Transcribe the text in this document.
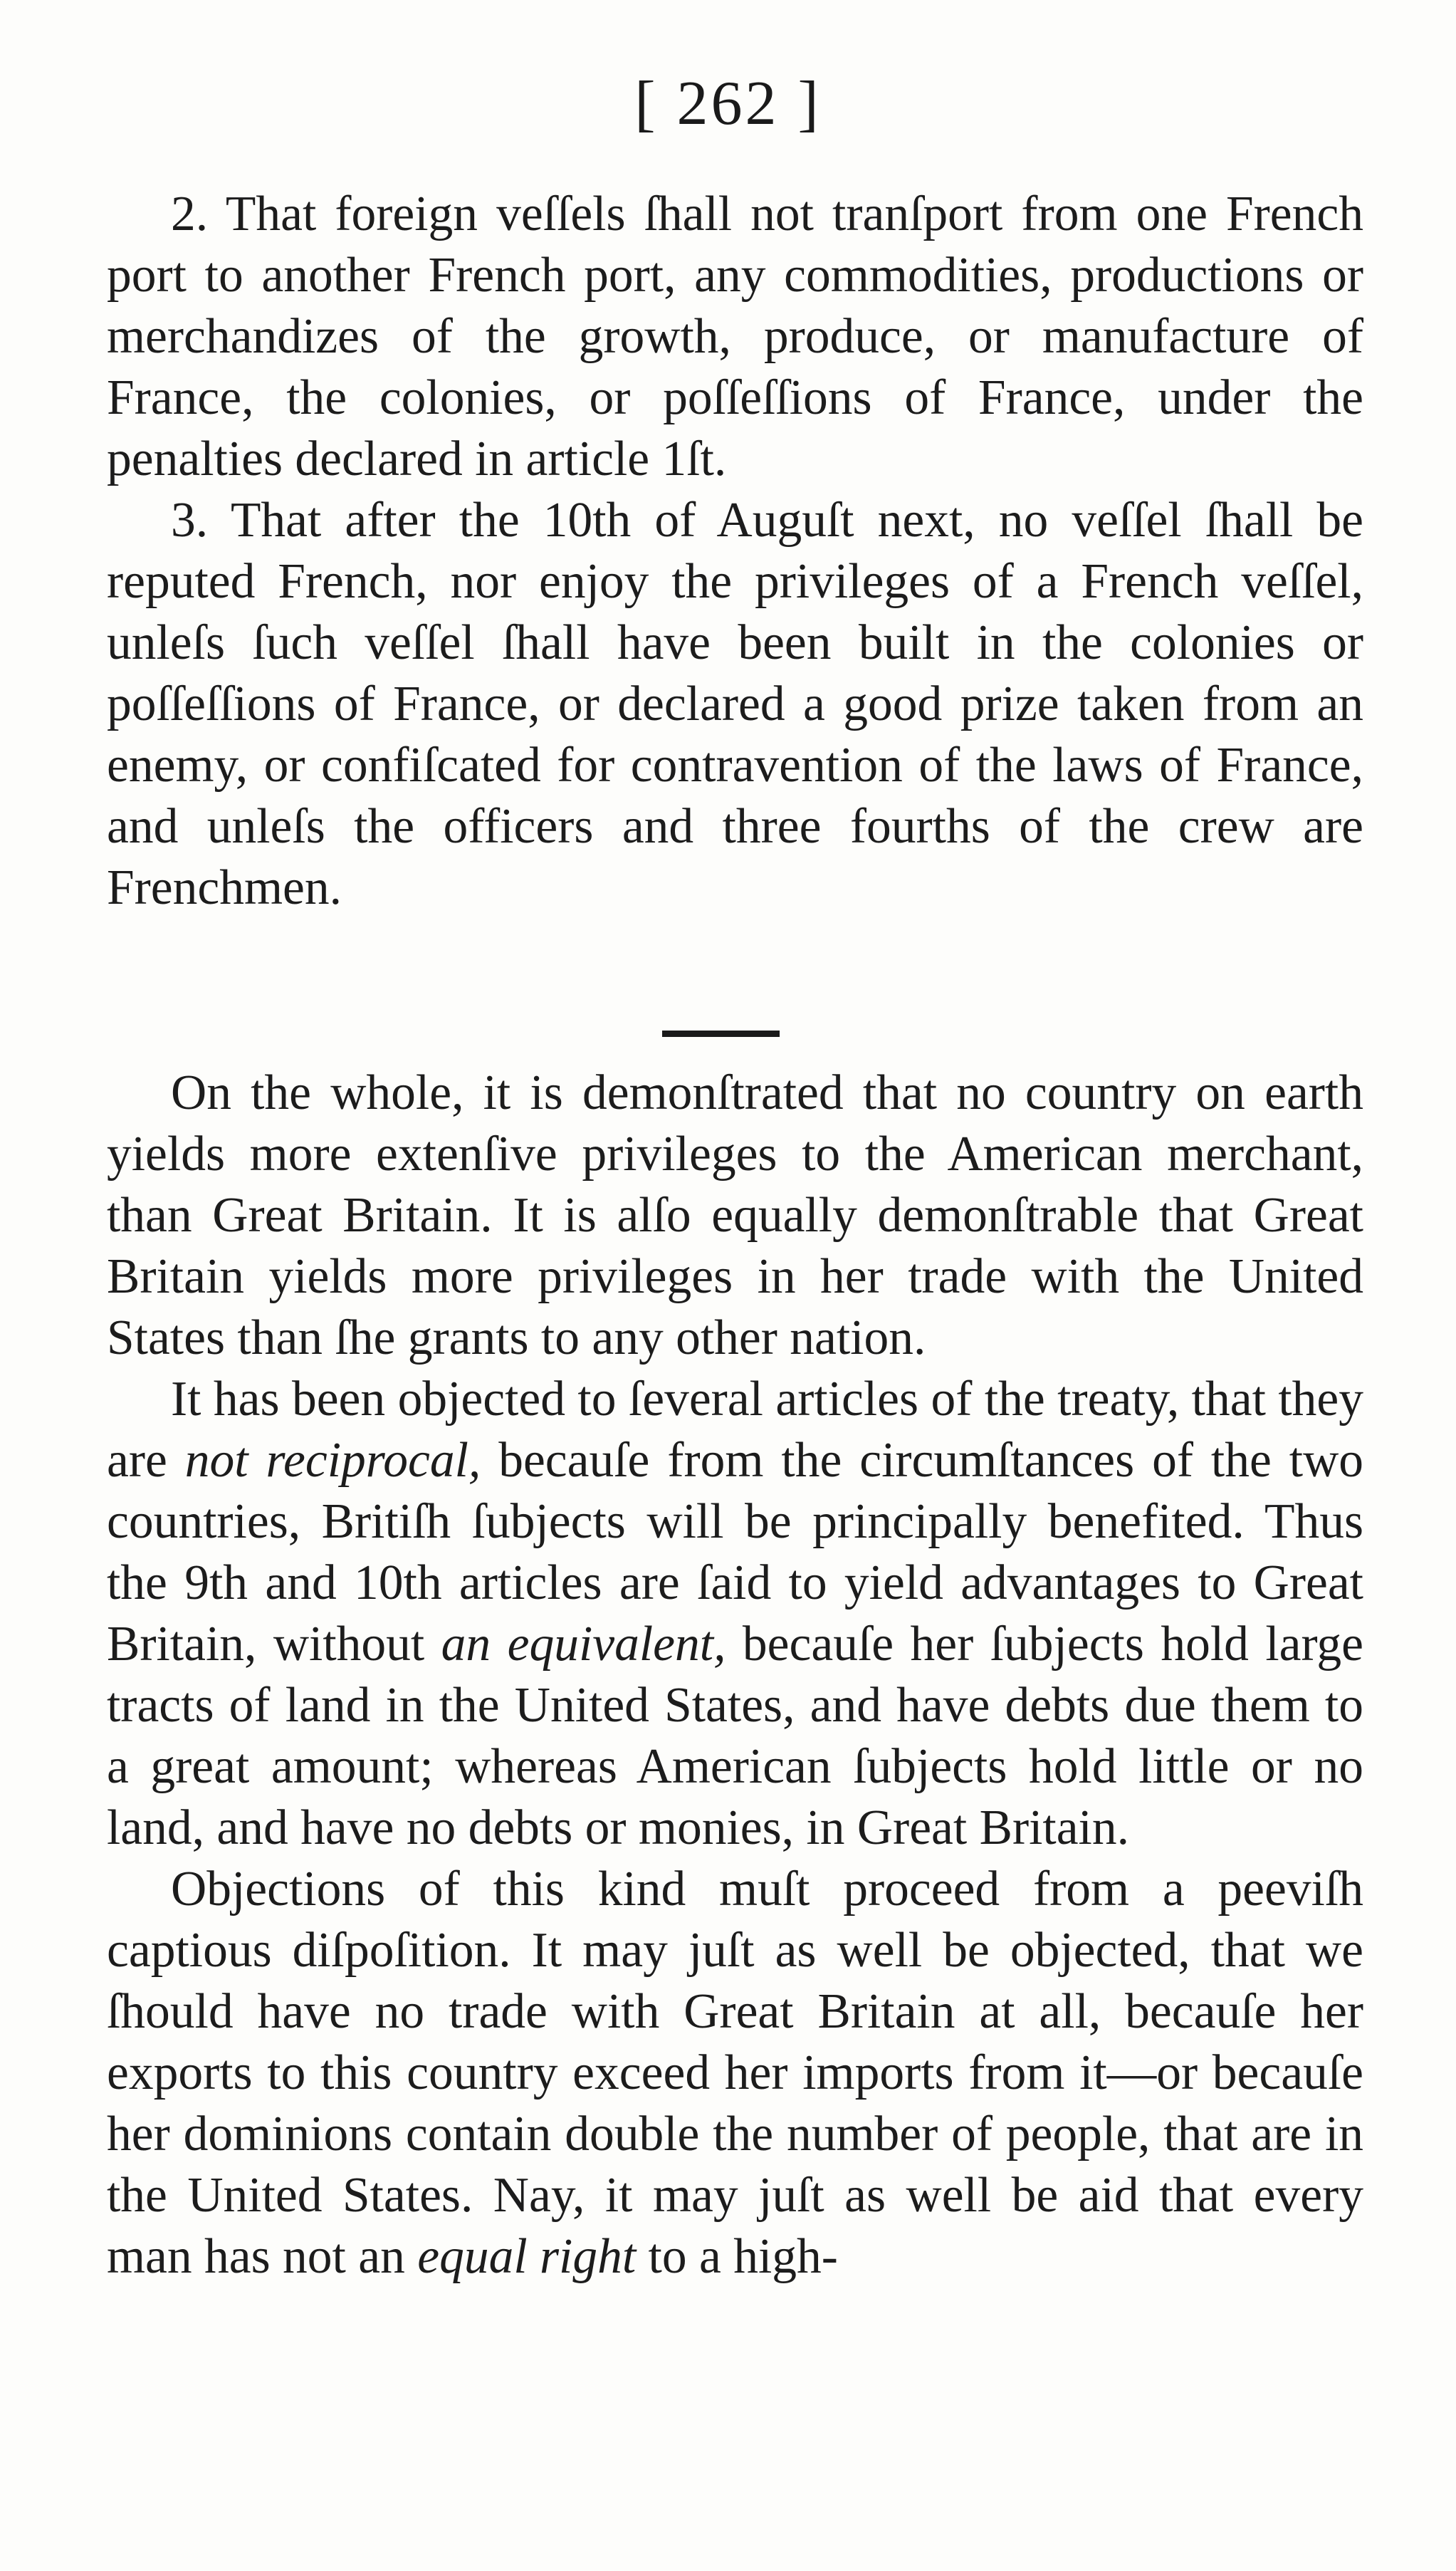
[ 262 ]

2. That foreign veſſels ſhall not tranſport from one French port to another French port, any commodities, productions or merchandizes of the growth, produce, or manufacture of France, the colonies, or poſſeſſions of France, under the penalties declared in article 1ſt.

3. That after the 10th of Auguſt next, no veſſel ſhall be reputed French, nor enjoy the privileges of a French veſſel, unleſs ſuch veſſel ſhall have been built in the colonies or poſſeſſions of France, or declared a good prize taken from an enemy, or confiſcated for contravention of the laws of France, and unleſs the officers and three fourths of the crew are Frenchmen.

On the whole, it is demonſtrated that no country on earth yields more extenſive privileges to the American merchant, than Great Britain. It is alſo equally demonſtrable that Great Britain yields more privileges in her trade with the United States than ſhe grants to any other nation.

It has been objected to ſeveral articles of the treaty, that they are not reciprocal, becauſe from the circumſtances of the two countries, Britiſh ſubjects will be principally benefited. Thus the 9th and 10th articles are ſaid to yield advantages to Great Britain, without an equivalent, becauſe her ſubjects hold large tracts of land in the United States, and have debts due them to a great amount; whereas American ſubjects hold little or no land, and have no debts or monies, in Great Britain.

Objections of this kind muſt proceed from a peeviſh captious diſpoſition. It may juſt as well be objected, that we ſhould have no trade with Great Britain at all, becauſe her exports to this country exceed her imports from it—or becauſe her dominions contain double the number of people, that are in the United States. Nay, it may juſt as well be aid that every man has not an equal right to a high-
